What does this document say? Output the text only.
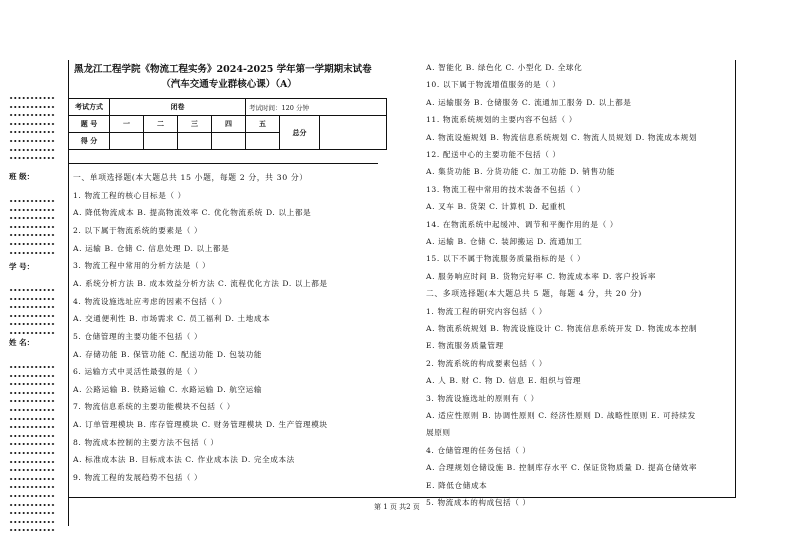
班 级：
学 号：
姓 名：
黑龙江工程学院《物流工程实务》2024-2025 学年第一学期期末试卷
（汽车交通专业群核心课）（A）
考试方式	闭卷				考试时间：120 分钟		
题 号	一	二	三	四	五	总分	
得 分							
一、单项选择题(本大题总共 15 小题，每题 2 分，共 30 分）
1. 物流工程的核心目标是（ ）
A. 降低物流成本 B. 提高物流效率 C. 优化物流系统 D. 以上都是
2. 以下属于物流系统的要素是（ ）
A. 运输 B. 仓储 C. 信息处理 D. 以上都是
3. 物流工程中常用的分析方法是（ ）
A. 系统分析方法 B. 成本效益分析方法 C. 流程优化方法 D. 以上都是
4. 物流设施选址应考虑的因素不包括（ ）
A. 交通便利性 B. 市场需求 C. 员工福利 D. 土地成本
5. 仓储管理的主要功能不包括（ ）
A. 存储功能 B. 保管功能 C. 配送功能 D. 包装功能
6. 运输方式中灵活性最强的是（ ）
A. 公路运输 B. 铁路运输 C. 水路运输 D. 航空运输
7. 物流信息系统的主要功能模块不包括（ ）
A. 订单管理模块 B. 库存管理模块 C. 财务管理模块 D. 生产管理模块
8. 物流成本控制的主要方法不包括（ ）
A. 标准成本法 B. 目标成本法 C. 作业成本法 D. 完全成本法
9. 物流工程的发展趋势不包括（ ）
A. 智能化 B. 绿色化 C. 小型化 D. 全球化
10. 以下属于物流增值服务的是（ ）
A. 运输服务 B. 仓储服务 C. 流通加工服务 D. 以上都是
11. 物流系统规划的主要内容不包括（ ）
A. 物流设施规划 B. 物流信息系统规划 C. 物流人员规划 D. 物流成本规划
12. 配送中心的主要功能不包括（ ）
A. 集货功能 B. 分货功能 C. 加工功能 D. 销售功能
13. 物流工程中常用的技术装备不包括（ ）
A. 叉车 B. 货架 C. 计算机 D. 起重机
14. 在物流系统中起缓冲、调节和平衡作用的是（ ）
A. 运输 B. 仓储 C. 装卸搬运 D. 流通加工
15. 以下不属于物流服务质量指标的是（ ）
A. 服务响应时间 B. 货物完好率 C. 物流成本率 D. 客户投诉率
二、多项选择题(本大题总共 5 题，每题 4 分，共 20 分)
1. 物流工程的研究内容包括（ ）
A. 物流系统规划 B. 物流设施设计 C. 物流信息系统开发 D. 物流成本控制
E. 物流服务质量管理
2. 物流系统的构成要素包括（ ）
A. 人 B. 财 C. 物 D. 信息 E. 组织与管理
3. 物流设施选址的原则有（ ）
A. 适应性原则 B. 协调性原则 C. 经济性原则 D. 战略性原则 E. 可持续发
展原则
4. 仓储管理的任务包括（ ）
A. 合理规划仓储设施 B. 控制库存水平 C. 保证货物质量 D. 提高仓储效率
E. 降低仓储成本
5. 物流成本的构成包括（ ）
第 1 页 共2 页
